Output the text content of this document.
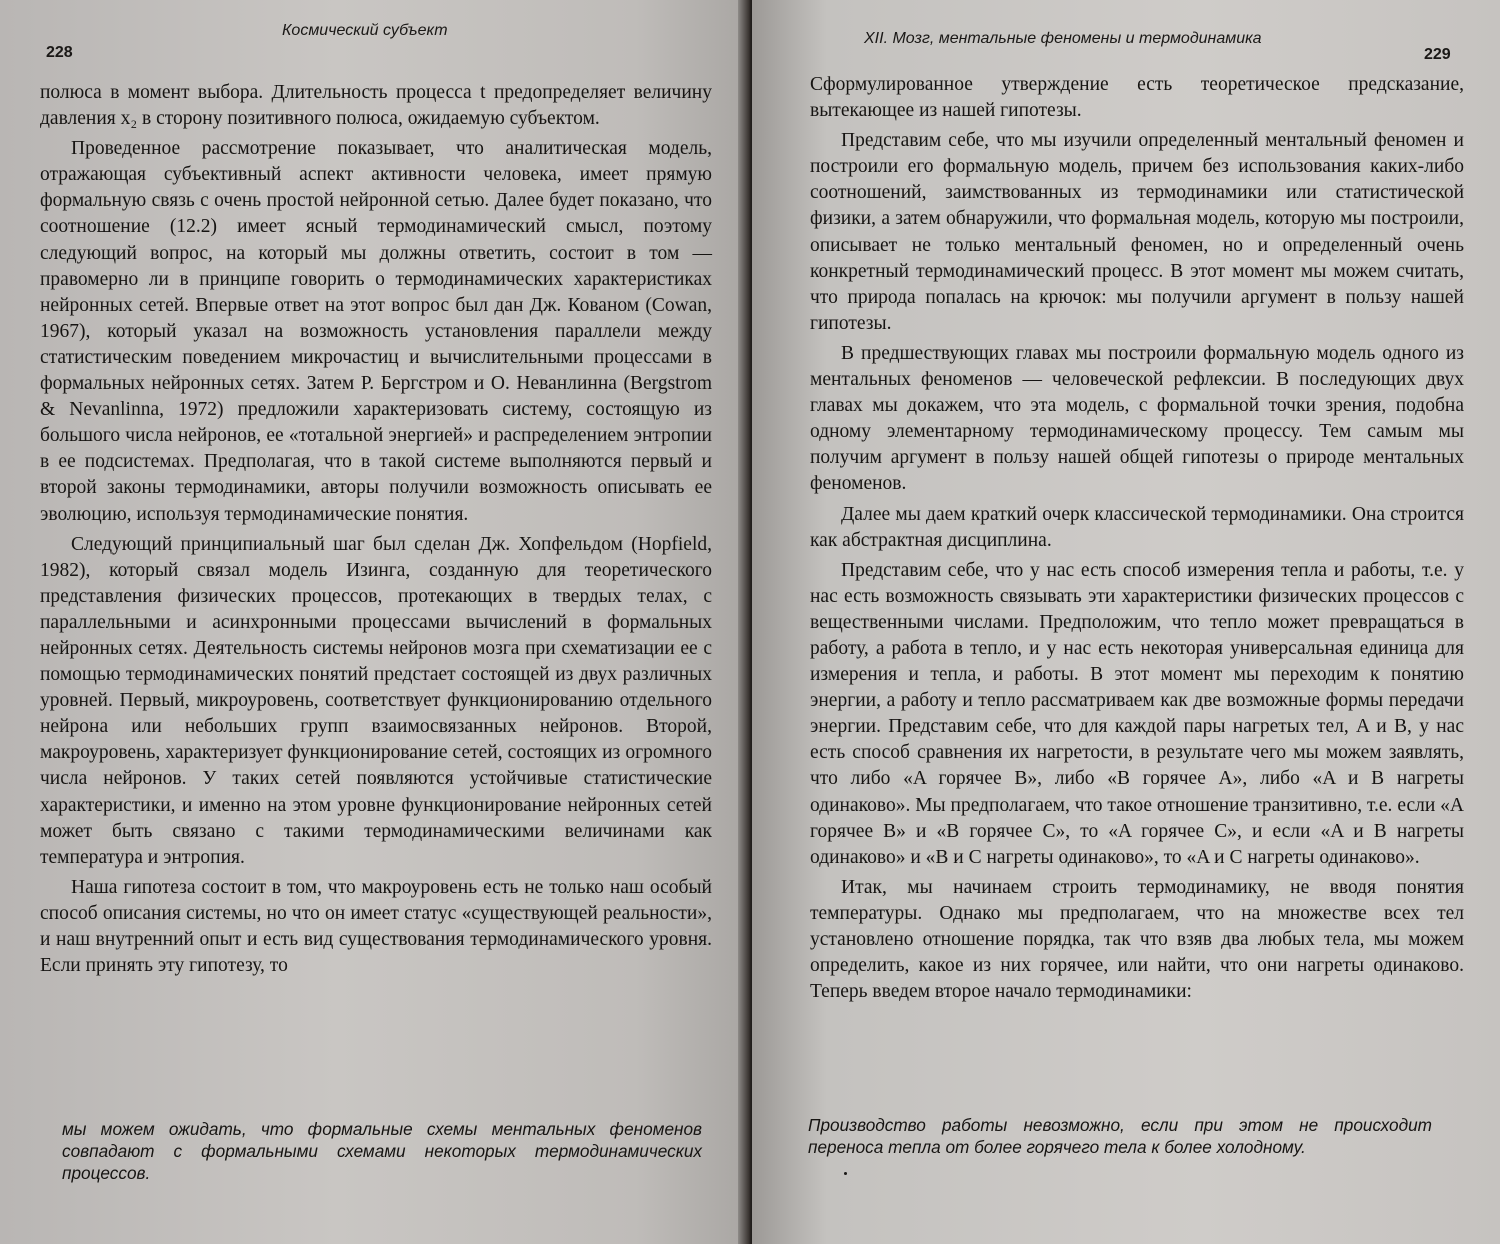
228
Космический субъект

полюса в момент выбора. Длительность процесса t предопределяет величину давления x₂ в сторону позитивного полюса, ожидаемую субъектом.

Проведенное рассмотрение показывает, что аналитическая модель, отражающая субъективный аспект активности человека, имеет прямую формальную связь с очень простой нейронной сетью. Далее будет показано, что соотношение (12.2) имеет ясный термодинамический смысл, поэтому следующий вопрос, на который мы должны ответить, состоит в том — правомерно ли в принципе говорить о термодинамических характеристиках нейронных сетей. Впервые ответ на этот вопрос был дан Дж. Кованом (Cowan, 1967), который указал на возможность установления параллели между статистическим поведением микрочастиц и вычислительными процессами в формальных нейронных сетях. Затем Р. Бергстром и О. Неванлинна (Bergstrom & Nevanlinna, 1972) предложили характеризовать систему, состоящую из большого числа нейронов, ее «тотальной энергией» и распределением энтропии в ее подсистемах. Предполагая, что в такой системе выполняются первый и второй законы термодинамики, авторы получили возможность описывать ее эволюцию, используя термодинамические понятия.

Следующий принципиальный шаг был сделан Дж. Хопфельдом (Hopfield, 1982), который связал модель Изинга, созданную для теоретического представления физических процессов, протекающих в твердых телах, с параллельными и асинхронными процессами вычислений в формальных нейронных сетях. Деятельность системы нейронов мозга при схематизации ее с помощью термодинамических понятий предстает состоящей из двух различных уровней. Первый, микроуровень, соответствует функционированию отдельного нейрона или небольших групп взаимосвязанных нейронов. Второй, макроуровень, характеризует функционирование сетей, состоящих из огромного числа нейронов. У таких сетей появляются устойчивые статистические характеристики, и именно на этом уровне функционирование нейронных сетей может быть связано с такими термодинамическими величинами как температура и энтропия.

Наша гипотеза состоит в том, что макроуровень есть не только наш особый способ описания системы, но что он имеет статус «существующей реальности», и наш внутренний опыт и есть вид существования термодинамического уровня. Если принять эту гипотезу, то

мы можем ожидать, что формальные схемы ментальных феноменов совпадают с формальными схемами некоторых термодинамических процессов.
XII. Мозг, ментальные феномены и термодинамика
229

Сформулированное утверждение есть теоретическое предсказание, вытекающее из нашей гипотезы.

Представим себе, что мы изучили определенный ментальный феномен и построили его формальную модель, причем без использования каких-либо соотношений, заимствованных из термодинамики или статистической физики, а затем обнаружили, что формальная модель, которую мы построили, описывает не только ментальный феномен, но и определенный очень конкретный термодинамический процесс. В этот момент мы можем считать, что природа попалась на крючок: мы получили аргумент в пользу нашей гипотезы.

В предшествующих главах мы построили формальную модель одного из ментальных феноменов — человеческой рефлексии. В последующих двух главах мы докажем, что эта модель, с формальной точки зрения, подобна одному элементарному термодинамическому процессу. Тем самым мы получим аргумент в пользу нашей общей гипотезы о природе ментальных феноменов.

Далее мы даем краткий очерк классической термодинамики. Она строится как абстрактная дисциплина.

Представим себе, что у нас есть способ измерения тепла и работы, т.е. у нас есть возможность связывать эти характеристики физических процессов с вещественными числами. Предположим, что тепло может превращаться в работу, а работа в тепло, и у нас есть некоторая универсальная единица для измерения и тепла, и работы. В этот момент мы переходим к понятию энергии, а работу и тепло рассматриваем как две возможные формы передачи энергии. Представим себе, что для каждой пары нагретых тел, A и B, у нас есть способ сравнения их нагретости, в результате чего мы можем заявлять, что либо «A горячее B», либо «B горячее A», либо «A и B нагреты одинаково». Мы предполагаем, что такое отношение транзитивно, т.е. если «A горячее B» и «B горячее C», то «A горячее C», и если «A и B нагреты одинаково» и «B и C нагреты одинаково», то «A и C нагреты одинаково».

Итак, мы начинаем строить термодинамику, не вводя понятия температуры. Однако мы предполагаем, что на множестве всех тел установлено отношение порядка, так что взяв два любых тела, мы можем определить, какое из них горячее, или найти, что они нагреты одинаково. Теперь введем второе начало термодинамики:

Производство работы невозможно, если при этом не происходит переноса тепла от более горячего тела к более холодному.
